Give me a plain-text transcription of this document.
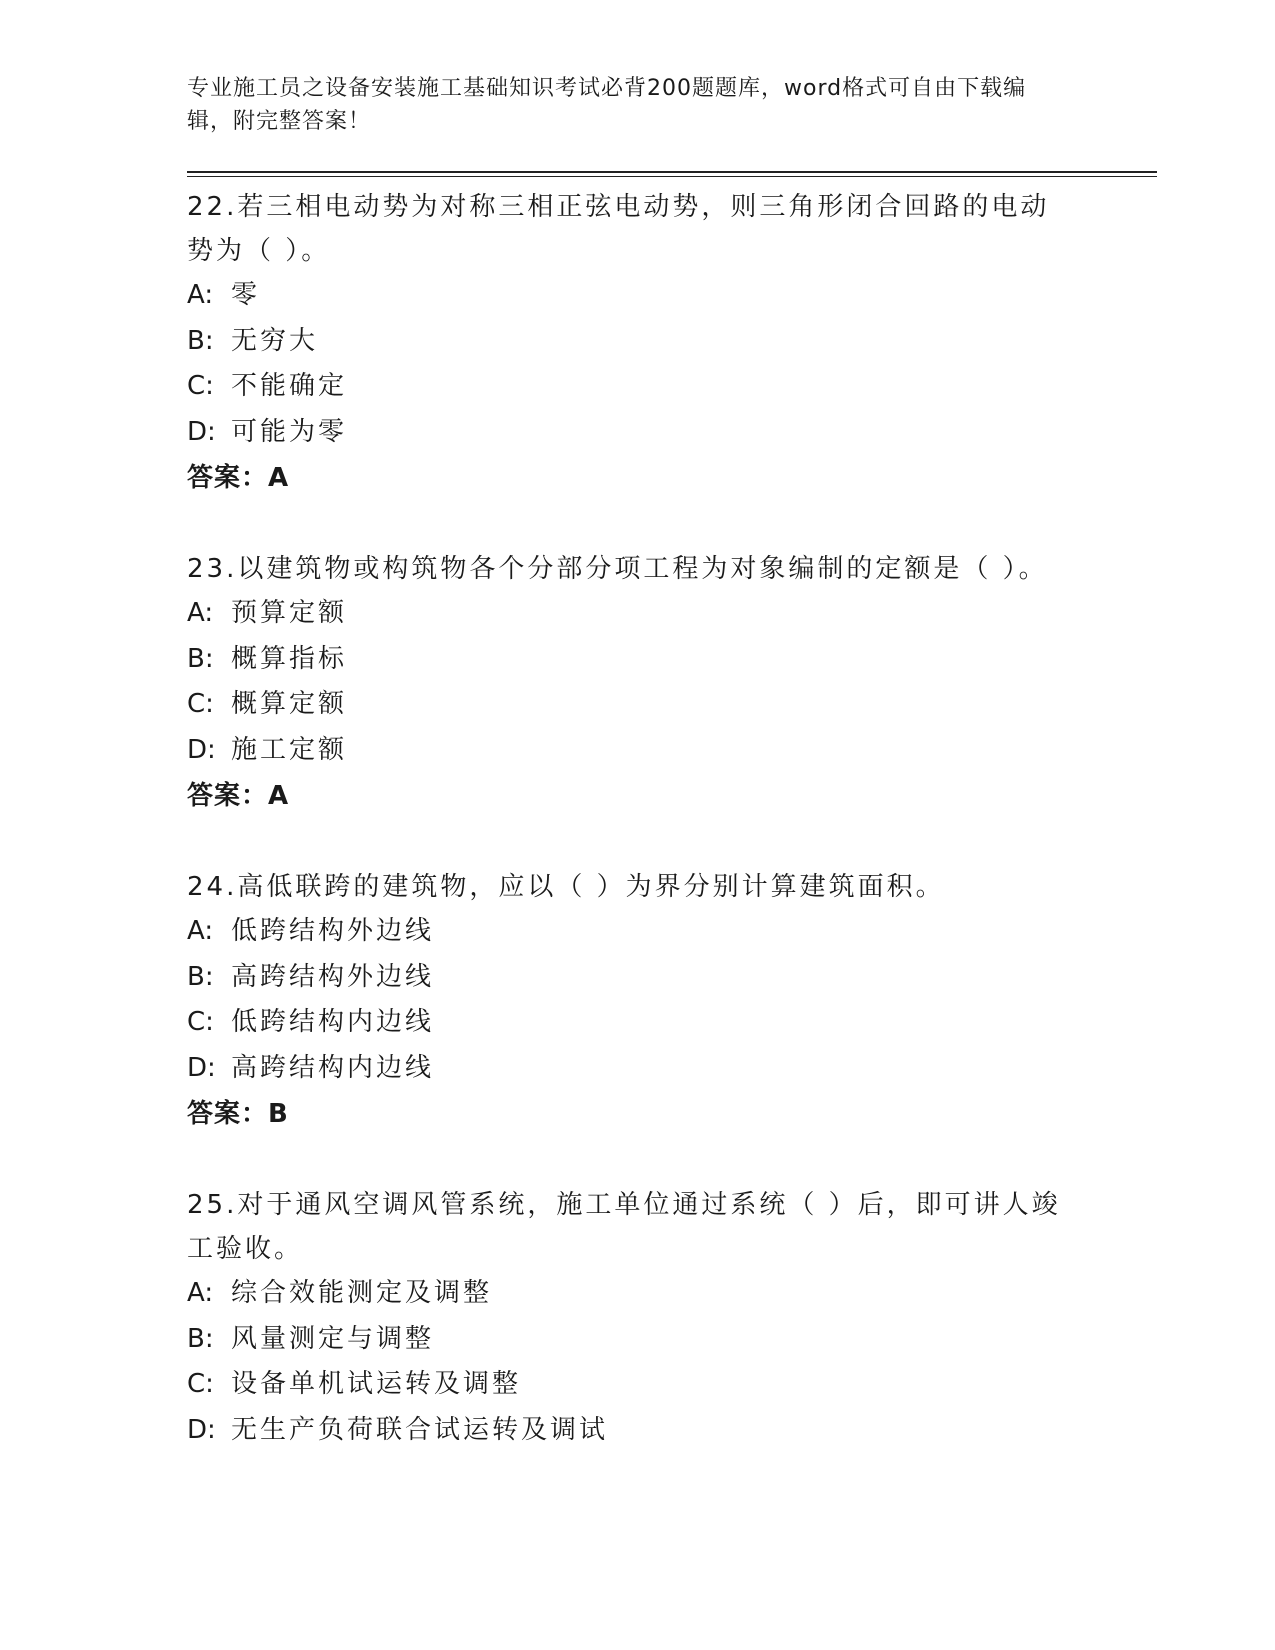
专业施工员之设备安装施工基础知识考试必背200题题库，word格式可自由下载编辑，附完整答案！
22.若三相电动势为对称三相正弦电动势，则三角形闭合回路的电动势为（ ）。
A: 零
B: 无穷大
C: 不能确定
D: 可能为零
答案：A
23.以建筑物或构筑物各个分部分项工程为对象编制的定额是（ ）。
A: 预算定额
B: 概算指标
C: 概算定额
D: 施工定额
答案：A
24.高低联跨的建筑物，应以（ ）为界分别计算建筑面积。
A: 低跨结构外边线
B: 高跨结构外边线
C: 低跨结构内边线
D: 高跨结构内边线
答案：B
25.对于通风空调风管系统，施工单位通过系统（ ）后，即可讲人竣工验收。
A: 综合效能测定及调整
B: 风量测定与调整
C: 设备单机试运转及调整
D: 无生产负荷联合试运转及调试
